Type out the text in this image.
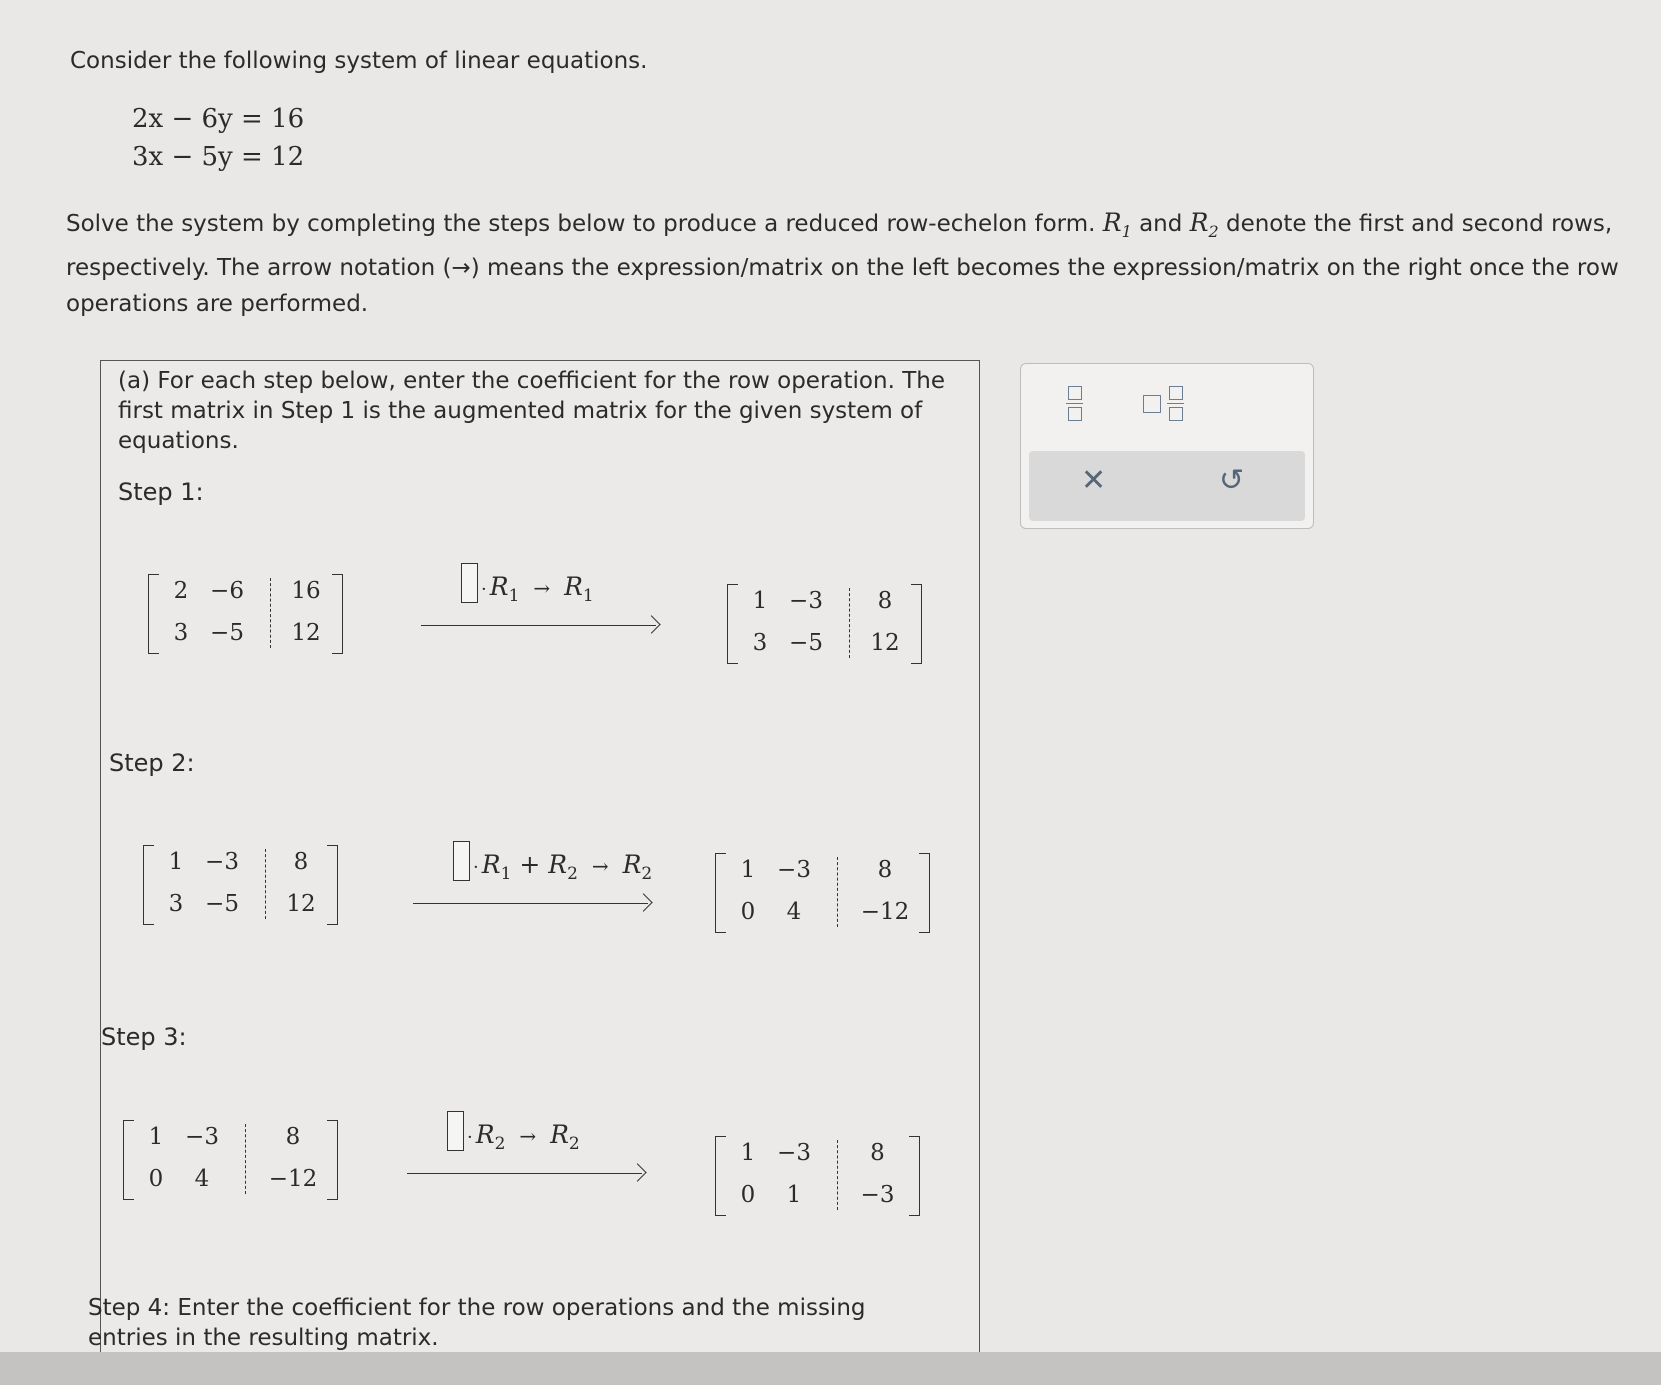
Consider the following system of linear equations.
2x − 6y = 16
3x − 5y = 12
Solve the system by completing the steps below to produce a reduced row-echelon form. $R_1$ and $R_2$ denote the first and second rows, respectively. The arrow notation (→) means the expression/matrix on the left becomes the expression/matrix on the right once the row operations are performed.
(a) For each step below, enter the coefficient for the row operation. The first matrix in Step 1 is the augmented matrix for the given system of equations.
Step 1:
2 −6	16
3 −5	12
· $R_1 \to R_1$	1 −3	8
3 −5	12
Step 2:
1 −3	8
3 −5	12
· $R_1 + R_2 \to R_2$	1 −3	8
0	4	−12
Step 3:
1 −3	8
0	4	−12
· $R_2 \to R_2$	1 −3	8
0	1	−3
Step 4: Enter the coefficient for the row operations and the missing entries in the resulting matrix.
✕	↺
